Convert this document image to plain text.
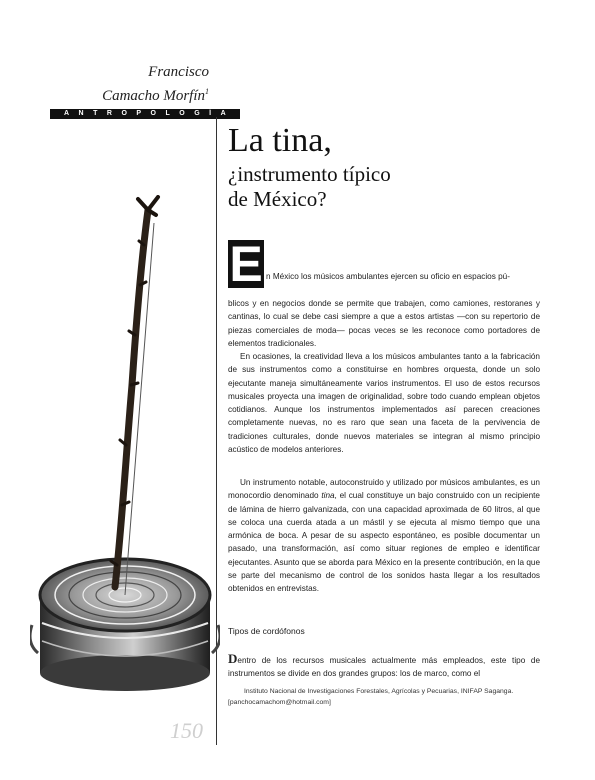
Francisco
Camacho Morfín$^1$
ANTROPOLOGÍA
La tina,
¿instrumento típico
de México?
E n México los músicos ambulantes ejercen su oficio en espacios pú-
blicos y en negocios donde se permite que trabajen, como camiones, restoranes y cantinas, lo cual se debe casi siempre a que a estos artistas —con su repertorio de piezas comerciales de moda— pocas veces se les reconoce como portadores de elementos tradicionales.
En ocasiones, la creatividad lleva a los músicos ambulantes tanto a la fabricación de sus instrumentos como a constituirse en hombres orquesta, donde un solo ejecutante maneja simultáneamente varios instrumentos. El uso de estos recursos musicales proyecta una imagen de originalidad, sobre todo cuando emplean objetos cotidianos. Aunque los instrumentos implementados así parecen creaciones completamente nuevas, no es raro que sean una faceta de la pervivencia de tradiciones culturales, donde nuevos materiales se integran al mismo principio acústico de modelos anteriores.
Un instrumento notable, autoconstruido y utilizado por músicos ambulantes, es un monocordio denominado tina, el cual constituye un bajo construido con un recipiente de lámina de hierro galvanizada, con una capacidad aproximada de 60 litros, al que se coloca una cuerda atada a un mástil y se ejecuta al mismo tiempo que una armónica de boca. A pesar de su aspecto espontáneo, es posible documentar un pasado, una transformación, así como situar regiones de empleo e identificar ejecutantes. Asunto que se aborda para México en la presente contribución, en la que se parte del mecanismo de control de los sonidos hasta llegar a los resultados obtenidos en entrevistas.
Tipos de cordófonos
Dentro de los recursos musicales actualmente más empleados, este tipo de instrumentos se divide en dos grandes grupos: los de marco, como el
Instituto Nacional de Investigaciones Forestales, Agrícolas y Pecuarias, INIFAP Saganga.
[panchocamachom@hotmail.com]
150
